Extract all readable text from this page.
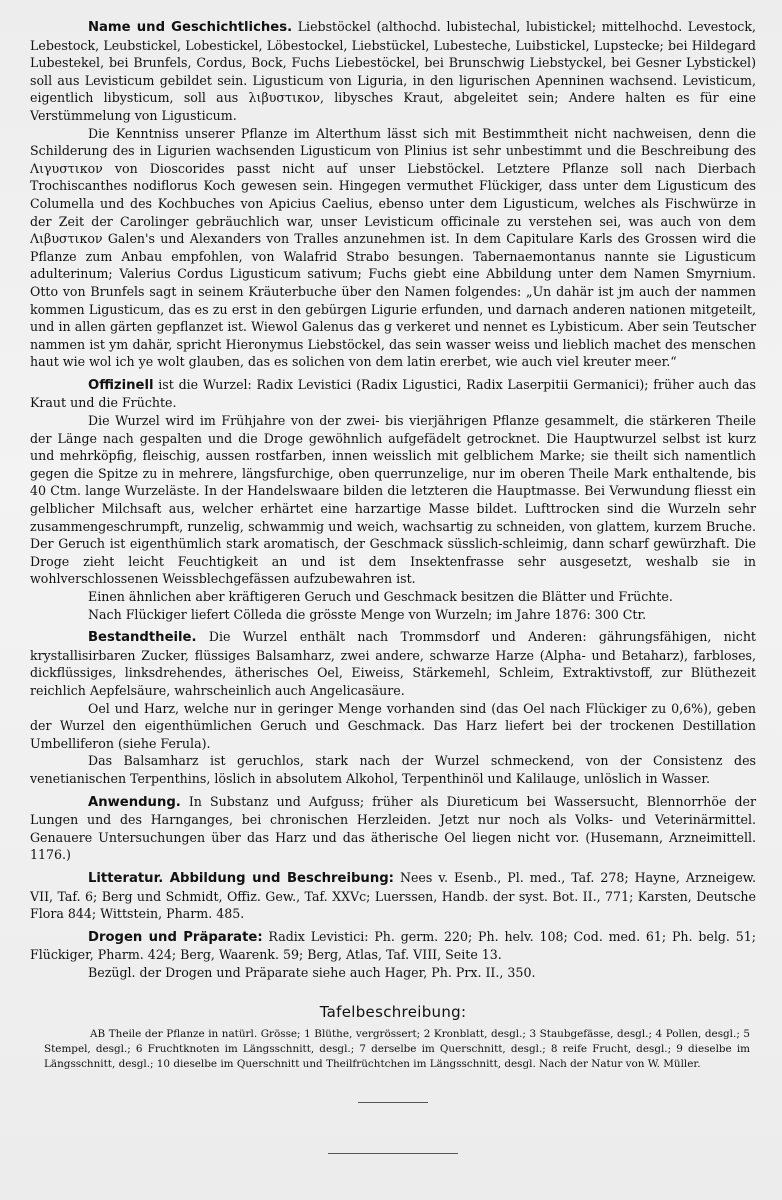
Name und Geschichtliches. Liebstöckel (althochd. lubistechal, lubistickel; mittelhochd. Levestock, Lebestock, Leubstickel, Lobestickel, Löbestockel, Liebstückel, Lubesteche, Luibstickel, Lupstecke; bei Hildegard Lubestekel, bei Brunfels, Cordus, Bock, Fuchs Liebestöckel, bei Brunschwig Liebstyckel, bei Gesner Lybstickel) soll aus Levisticum gebildet sein. Ligusticum von Liguria, in den ligurischen Apenninen wachsend. Levisticum, eigentlich libysticum, soll aus λιβυστικον, libysches Kraut, abgeleitet sein; Andere halten es für eine Verstümmelung von Ligusticum.

Die Kenntniss unserer Pflanze im Alterthum lässt sich mit Bestimmtheit nicht nachweisen, denn die Schilderung des in Ligurien wachsenden Ligusticum von Plinius ist sehr unbestimmt und die Beschreibung des Λιγυστικον von Dioscorides passt nicht auf unser Liebstöckel. Letztere Pflanze soll nach Dierbach Trochiscanthes nodiflorus Koch gewesen sein. Hingegen vermuthet Flückiger, dass unter dem Ligusticum des Columella und des Kochbuches von Apicius Caelius, ebenso unter dem Ligusticum, welches als Fischwürze in der Zeit der Carolinger gebräuchlich war, unser Levisticum officinale zu verstehen sei, was auch von dem Λιβυστικον Galen's und Alexanders von Tralles anzunehmen ist. In dem Capitulare Karls des Grossen wird die Pflanze zum Anbau empfohlen, von Walafrid Strabo besungen. Tabernaemontanus nannte sie Ligusticum adulterinum; Valerius Cordus Ligusticum sativum; Fuchs giebt eine Abbildung unter dem Namen Smyrnium. Otto von Brunfels sagt in seinem Kräuterbuche über den Namen folgendes: „Un dahär ist jm auch der nammen kommen Ligusticum, das es zu erst in den gebürgen Ligurie erfunden, und darnach anderen nationen mitgeteilt, und in allen gärten gepflanzet ist. Wiewol Galenus das g verkeret und nennet es Lybisticum. Aber sein Teutscher nammen ist ym dahär, spricht Hieronymus Liebstöckel, das sein wasser weiss und lieblich machet des menschen haut wie wol ich ye wolt glauben, das es solichen von dem latin ererbet, wie auch viel kreuter meer.“

Offizinell ist die Wurzel: Radix Levistici (Radix Ligustici, Radix Laserpitii Germanici); früher auch das Kraut und die Früchte.

Die Wurzel wird im Frühjahre von der zwei- bis vierjährigen Pflanze gesammelt, die stärkeren Theile der Länge nach gespalten und die Droge gewöhnlich aufgefädelt getrocknet. Die Hauptwurzel selbst ist kurz und mehrköpfig, fleischig, aussen rostfarben, innen weisslich mit gelblichem Marke; sie theilt sich namentlich gegen die Spitze zu in mehrere, längsfurchige, oben querrunzelige, nur im oberen Theile Mark enthaltende, bis 40 Ctm. lange Wurzeläste. In der Handelswaare bilden die letzteren die Hauptmasse. Bei Verwundung fliesst ein gelblicher Milchsaft aus, welcher erhärtet eine harzartige Masse bildet. Lufttrocken sind die Wurzeln sehr zusammengeschrumpft, runzelig, schwammig und weich, wachsartig zu schneiden, von glattem, kurzem Bruche. Der Geruch ist eigenthümlich stark aromatisch, der Geschmack süsslich-schleimig, dann scharf gewürzhaft. Die Droge zieht leicht Feuchtigkeit an und ist dem Insektenfrasse sehr ausgesetzt, weshalb sie in wohlverschlossenen Weissblechgefässen aufzubewahren ist.

Einen ähnlichen aber kräftigeren Geruch und Geschmack besitzen die Blätter und Früchte.

Nach Flückiger liefert Cölleda die grösste Menge von Wurzeln; im Jahre 1876: 300 Ctr.

Bestandtheile. Die Wurzel enthält nach Trommsdorf und Anderen: gährungsfähigen, nicht krystallisirbaren Zucker, flüssiges Balsamharz, zwei andere, schwarze Harze (Alpha- und Betaharz), farbloses, dickflüssiges, linksdrehendes, ätherisches Oel, Eiweiss, Stärkemehl, Schleim, Extraktivstoff, zur Blüthezeit reichlich Aepfelsäure, wahrscheinlich auch Angelicasäure.

Oel und Harz, welche nur in geringer Menge vorhanden sind (das Oel nach Flückiger zu 0,6%), geben der Wurzel den eigenthümlichen Geruch und Geschmack. Das Harz liefert bei der trockenen Destillation Umbelliferon (siehe Ferula).

Das Balsamharz ist geruchlos, stark nach der Wurzel schmeckend, von der Consistenz des venetianischen Terpenthins, löslich in absolutem Alkohol, Terpenthinöl und Kalilauge, unlöslich in Wasser.

Anwendung. In Substanz und Aufguss; früher als Diureticum bei Wassersucht, Blennorrhöe der Lungen und des Harnganges, bei chronischen Herzleiden. Jetzt nur noch als Volks- und Veterinärmittel. Genauere Untersuchungen über das Harz und das ätherische Oel liegen nicht vor. (Husemann, Arzneimittell. 1176.)

Litteratur. Abbildung und Beschreibung: Nees v. Esenb., Pl. med., Taf. 278; Hayne, Arzneigew. VII, Taf. 6; Berg und Schmidt, Offiz. Gew., Taf. XXVc; Luerssen, Handb. der syst. Bot. II., 771; Karsten, Deutsche Flora 844; Wittstein, Pharm. 485.

Drogen und Präparate: Radix Levistici: Ph. germ. 220; Ph. helv. 108; Cod. med. 61; Ph. belg. 51; Flückiger, Pharm. 424; Berg, Waarenk. 59; Berg, Atlas, Taf. VIII, Seite 13.

Bezügl. der Drogen und Präparate siehe auch Hager, Ph. Prx. II., 350.

Tafelbeschreibung:

AB Theile der Pflanze in natürl. Grösse; 1 Blüthe, vergrössert; 2 Kronblatt, desgl.; 3 Staubgefässe, desgl.; 4 Pollen, desgl.; 5 Stempel, desgl.; 6 Fruchtknoten im Längsschnitt, desgl.; 7 derselbe im Querschnitt, desgl.; 8 reife Frucht, desgl.; 9 dieselbe im Längsschnitt, desgl.; 10 dieselbe im Querschnitt und Theilfrüchtchen im Längsschnitt, desgl. Nach der Natur von W. Müller.
